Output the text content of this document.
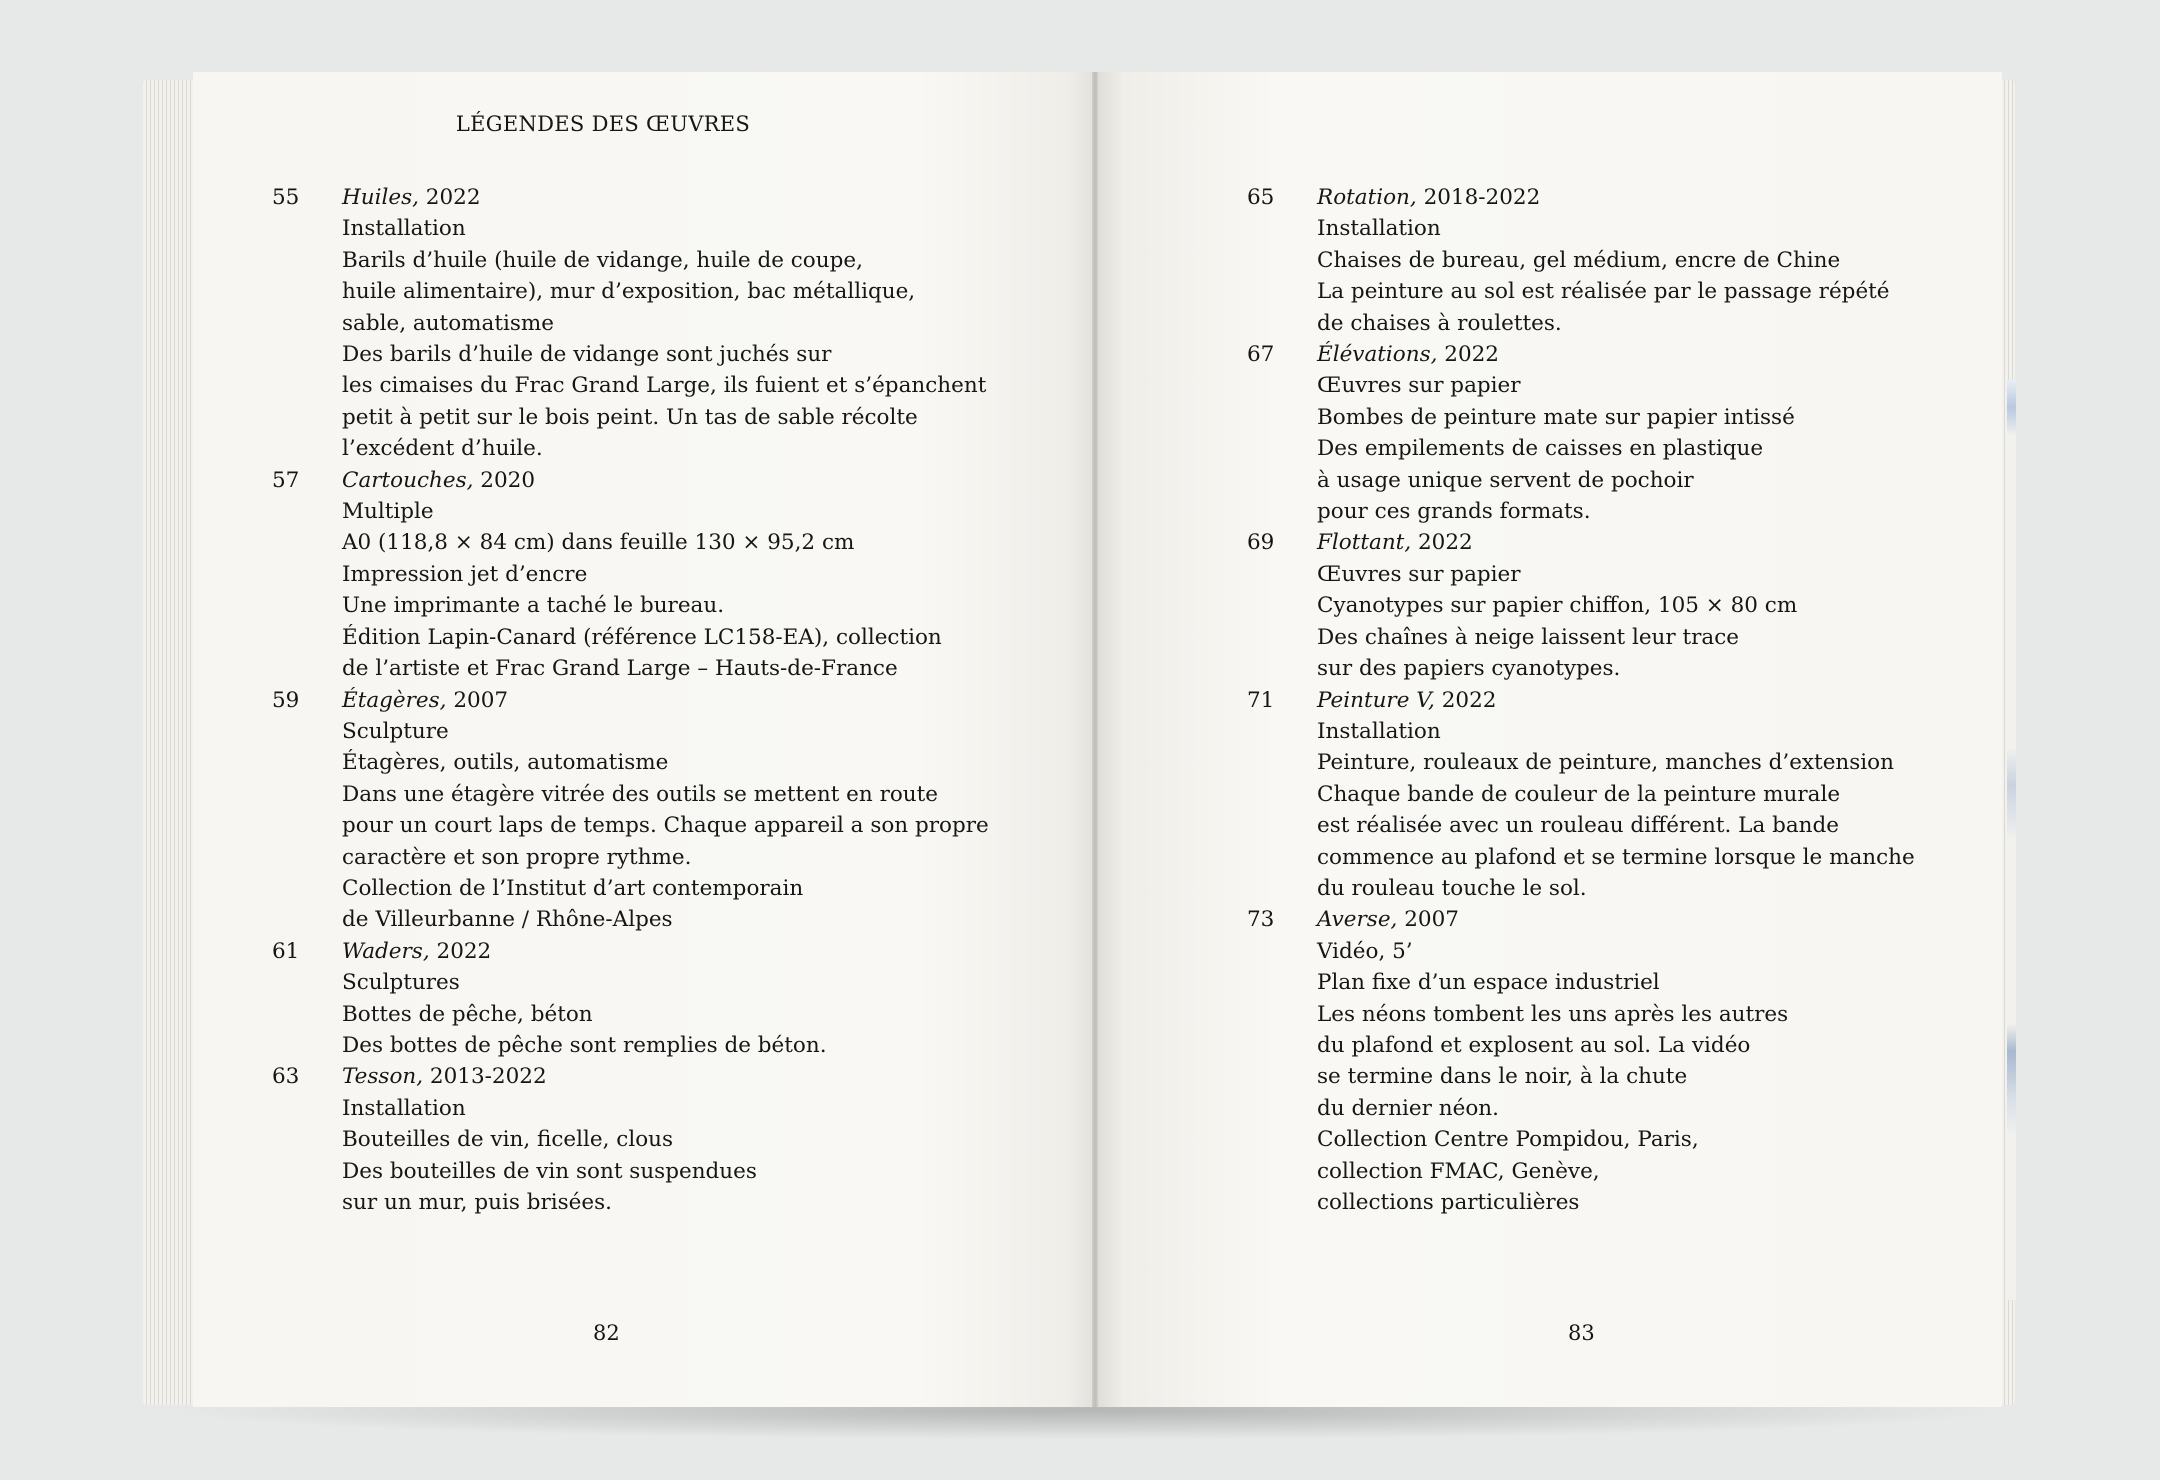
LÉGENDES DES ŒUVRES
55 Huiles, 2022
Installation
Barils d’huile (huile de vidange, huile de coupe,
huile alimentaire), mur d’exposition, bac métallique,
sable, automatisme
Des barils d’huile de vidange sont juchés sur
les cimaises du Frac Grand Large, ils fuient et s’épanchent
petit à petit sur le bois peint. Un tas de sable récolte
l’excédent d’huile.
57 Cartouches, 2020
Multiple
A0 (118,8 × 84 cm) dans feuille 130 × 95,2 cm
Impression jet d’encre
Une imprimante a taché le bureau.
Édition Lapin-Canard (référence LC158-EA), collection
de l’artiste et Frac Grand Large – Hauts-de-France
59 Étagères, 2007
Sculpture
Étagères, outils, automatisme
Dans une étagère vitrée des outils se mettent en route
pour un court laps de temps. Chaque appareil a son propre
caractère et son propre rythme.
Collection de l’Institut d’art contemporain
de Villeurbanne / Rhône-Alpes
61 Waders, 2022
Sculptures
Bottes de pêche, béton
Des bottes de pêche sont remplies de béton.
63 Tesson, 2013-2022
Installation
Bouteilles de vin, ficelle, clous
Des bouteilles de vin sont suspendues
sur un mur, puis brisées.
65 Rotation, 2018-2022
Installation
Chaises de bureau, gel médium, encre de Chine
La peinture au sol est réalisée par le passage répété
de chaises à roulettes.
67 Élévations, 2022
Œuvres sur papier
Bombes de peinture mate sur papier intissé
Des empilements de caisses en plastique
à usage unique servent de pochoir
pour ces grands formats.
69 Flottant, 2022
Œuvres sur papier
Cyanotypes sur papier chiffon, 105 × 80 cm
Des chaînes à neige laissent leur trace
sur des papiers cyanotypes.
71 Peinture V, 2022
Installation
Peinture, rouleaux de peinture, manches d’extension
Chaque bande de couleur de la peinture murale
est réalisée avec un rouleau différent. La bande
commence au plafond et se termine lorsque le manche
du rouleau touche le sol.
73 Averse, 2007
Vidéo, 5’
Plan fixe d’un espace industriel
Les néons tombent les uns après les autres
du plafond et explosent au sol. La vidéo
se termine dans le noir, à la chute
du dernier néon.
Collection Centre Pompidou, Paris,
collection FMAC, Genève,
collections particulières
82	83
